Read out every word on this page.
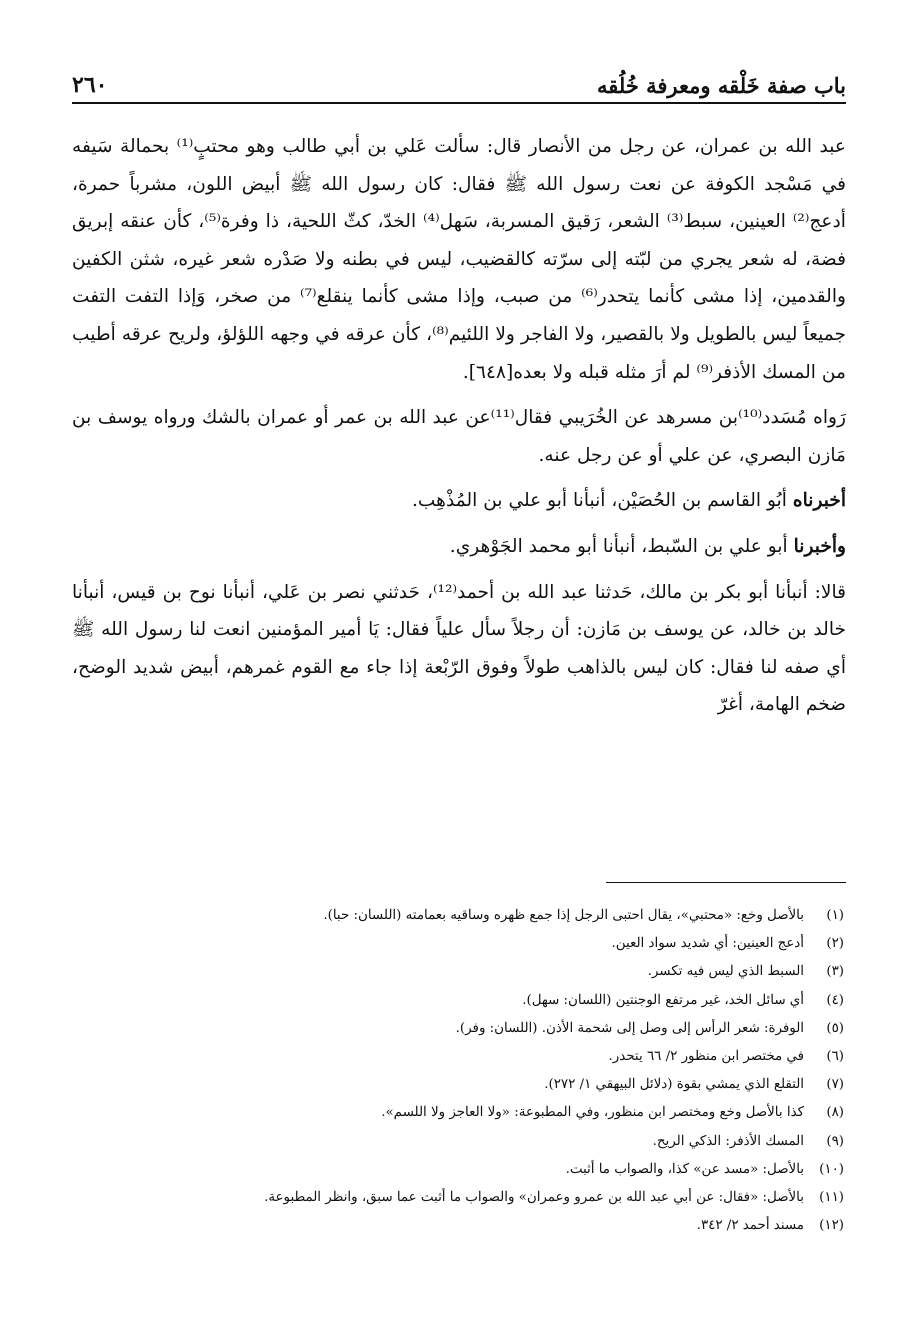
باب صفة خَلْقه ومعرفة خُلُقه
٢٦٠

عبد الله بن عمران، عن رجل من الأنصار قال: سألت عَلي بن أبي طالب وهو محتبٍ⁽¹⁾ بحمالة سَيفه في مَسْجد الكوفة عن نعت رسول الله ﷺ فقال: كان رسول الله ﷺ أبيض اللون، مشرباً حمرة، أدعج⁽²⁾ العينين، سبط⁽³⁾ الشعر، رَقيق المسربة، سَهل⁽⁴⁾ الخدّ، كثّ اللحية، ذا وفرة⁽⁵⁾، كأن عنقه إبريق فضة، له شعر يجري من لبّته إلى سرّته كالقضيب، ليس في بطنه ولا صَدْره شعر غيره، شثن الكفين والقدمين، إذا مشى كأنما يتحدر⁽⁶⁾ من صبب، وإذا مشى كأنما ينقلع⁽⁷⁾ من صخر، وَإذا التفت التفت جميعاً ليس بالطويل ولا بالقصير، ولا الفاجر ولا اللئيم⁽⁸⁾، كأن عرقه في وجهه اللؤلؤ، ولريح عرقه أطيب من المسك الأذفر⁽⁹⁾ لم أرَ مثله قبله ولا بعده[٦٤٨].

رَواه مُسَدد⁽¹⁰⁾بن مسرهد عن الخُرَيبي فقال⁽¹¹⁾عن عبد الله بن عمر أو عمران بالشك ورواه يوسف بن مَازن البصري، عن علي أو عن رجل عنه.

أخبرناه أبُو القاسم بن الحُصَيْن، أنبأنا أبو علي بن المُذْهِب.

وأخبرنا أبو علي بن السّبط، أنبأنا أبو محمد الجَوْهري.

قالا: أنبأنا أبو بكر بن مالك، حَدثنا عبد الله بن أحمد⁽¹²⁾، حَدثني نصر بن عَلي، أنبأنا نوح بن قيس، أنبأنا خالد بن خالد، عن يوسف بن مَازن: أن رجلاً سأل علياً فقال: يَا أمير المؤمنين انعت لنا رسول الله ﷺ أي صفه لنا فقال: كان ليس بالذاهب طولاً وفوق الرّبْعة إذا جاء مع القوم غمرهم، أبيض شديد الوضح، ضخم الهامة، أغرّ

(١)
بالأصل وخع: «محتبي»، يقال احتبى الرجل إذا جمع ظهره وساقيه بعمامته (اللسان: حبا).
(٢)
أدعج العينين: أي شديد سواد العين.
(٣)
السبط الذي ليس فيه تكسر.
(٤)
أي سائل الخد، غير مرتفع الوجنتين (اللسان: سهل).
(٥)
الوفرة: شعر الرأس إلى وصل إلى شحمة الأذن. (اللسان: وفر).
(٦)
في مختصر ابن منظور ٢/ ٦٦ يتحدر.
(٧)
التقلع الذي يمشي بقوة (دلائل البيهقي ١/ ٢٧٢).
(٨)
كذا بالأصل وخع ومختصر ابن منظور، وفي المطبوعة: «ولا العاجز ولا اللسم».
(٩)
المسك الأذفر: الذكي الريح.
(١٠)
بالأصل: «مسد عن» كذا، والصواب ما أثبت.
(١١)
بالأصل: «فقال: عن أبي عبد الله بن عمرو وعمران» والصواب ما أثبت عما سبق، وانظر المطبوعة.
(١٢)
مسند أحمد ٢/ ٣٤٢.
